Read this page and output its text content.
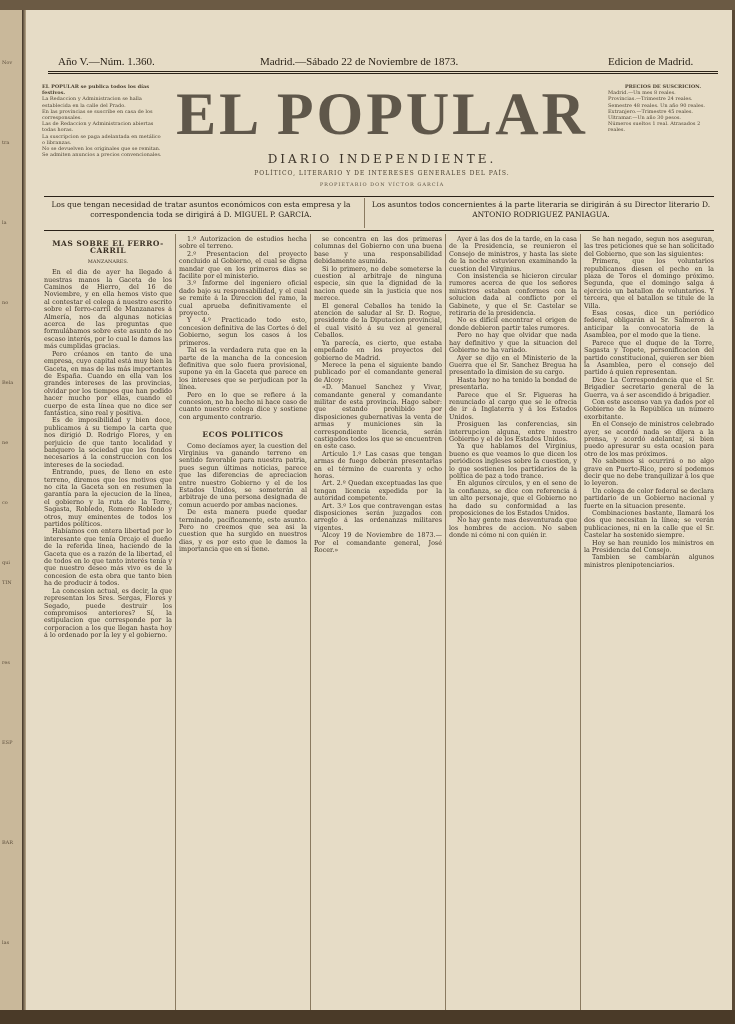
Nov
tra
la
no
Bela
ne
co
qui
TIN
res
ESP
BAR
las
Año V.—Núm. 1.360.	Madrid.—Sábado 22 de Noviembre de 1873.	Edicion de Madrid.
EL POPULAR se publica todos los días festivos.
La Redaccion y Administracion se halla establecida en la calle del Prado.
En las provincias se suscribe en casa de los corresponsales.
Las de Redaccion y Administracion abiertas todas horas.
La suscripcion se paga adelantada en metálico o libranzas.
No se devuelven los originales que se remitan.
Se admiten anuncios a precios convencionales.
PRECIOS DE SUSCRICION.
Madrid.—Un mes 8 reales.
Provincias.—Trimestre 24 reales.
Semestre 48 reales. Un año 90 reales.
Extranjero.—Trimestre 45 reales.
Ultramar.—Un año 30 pesos.
Números sueltos 1 real. Atrasados 2 reales.
EL POPULAR
DIARIO INDEPENDIENTE.
POLÍTICO, LITERARIO Y DE INTERESES GENERALES DEL PAÍS.
PROPIETARIO DON VÍCTOR GARCÍA
Los que tengan necesidad de tratar asuntos económicos con esta empresa y la correspondencia toda se dirigirá á D. MIGUEL P. GARCIA.
Los asuntos todos concernientes á la parte literaria se dirigirán á su Director literario D. ANTONIO RODRIGUEZ PANIAGUA.

MAS SOBRE EL FERRO-CARRIL

MANZANARES.

En el dia de ayer ha llegado á nuestras manos la Gaceta de los Caminos de Hierro, del 16 de Noviembre, y en ella hemos visto que al contestar el colega á nuestro escrito sobre el ferro-carril de Manzanares á Almería, nos da algunas noticias acerca de las preguntas que formulábamos sobre este asunto de no escaso interés, por lo cual le damos las más cumplidas gracias.

Pero créanos en tanto de una empresa, cuyo capital está muy bien la Gaceta, en mas de las más importantes de España. Cuando en ella van los grandes intereses de las provincias, olvidar por los tiempos que han podido hacer mucho por ellas, cuando el cuerpo de esta línea que no dice ser fantástica, sino real y positiva.

Es de imposibilidad y bien doce, publicamos á su tiempo la carta que nos dirigió D. Rodrigo Flores, y en perjuicio de que tanto localidad y banquero la sociedad que los fondos necesarios á la construccion con los intereses de la sociedad.

Entrando, pues, de lleno en este terreno, diremos que los motivos que no cita la Gaceta son en resumen la garantía para la ejecucion de la línea, el gobierno y la ruta de la Torre, Sagasta, Robledo, Romero Robledo y otros, muy eminentes de todos los partidos políticos.

Habíamos con entera libertad por lo interesante que tenía Orcajo el dueño de la referida línea, haciendo de la Gaceta que es a razón de la libertad, el de todos en lo que tanto interés tenía y que nuestro deseo más vivo es de la concesion de esta obra que tanto bien ha de producir á todos.

La concesion actual, es decir, la que representan los Sres. Sergas, Flores y Segado, puede destruir los compromisos anteriores? Sí, la estipulacion que corresponde por la corporacion a los que llegan hasta hoy á lo ordenado por la ley y el gobierno.

1.º Autorizacion de estudios hecha sobre el terreno.

2.º Presentacion del proyecto concluido al Gobierno, el cual se digna mandar que en los primeros dias se facilite por el ministerio.

3.º Informe del ingeniero oficial dado bajo su responsabilidad, y el cual se remite á la Direccion del ramo, la cual aprueba definitivamente el proyecto.

Y 4.º Practicado todo esto, concesion definitiva de las Cortes ó del Gobierno, segun los casos á los primeros.

Tal es la verdadera ruta que en la parte de la mancha de la concesion definitiva que solo fuera provisional, supone ya en la Gaceta que parece en los intereses que se perjudican por la línea.

Pero en lo que se refiere á la concesion, no ha hecho ni hace caso de cuanto nuestro colega dice y sostiene con argumento contrario.

ECOS POLITICOS

Como decíamos ayer, la cuestion del Virginius va ganando terreno en sentido favorable para nuestra patria, pues segun últimas noticias, parece que las diferencias de apreciacion entre nuestro Gobierno y el de los Estados Unidos, se someterán al arbitraje de una persona designada de comun acuerdo por ambas naciones.

De esta manera puede quedar terminado, pacíficamente, este asunto. Pero no creemos que sea asi la cuestion que ha surgido en nuestros dias, y es por esto que le damos la importancia que en sí tiene.

se concentra en las dos primeras columnas del Gobierno con una buena base y una responsabilidad debidamente asumida.

Si lo primero, no debe someterse la cuestion al arbitraje de ninguna especie, sin que la dignidad de la nacion quede sin la justicia que nos merece.

El general Ceballos ha tenido la atencion de saludar al Sr. D. Rogue, presidente de la Diputacion provincial, el cual visitó á su vez al general Ceballos.

Ya parecía, es cierto, que estaba empeñado en los proyectos del gobierno de Madrid.

Merece la pena el siguiente bando publicado por el comandante general de Alcoy:

«D. Manuel Sanchez y Vivar, comandante general y comandante militar de esta provincia. Hago saber: que estando prohibido por disposiciones gubernativas la venta de armas y municiones sin la correspondiente licencia, serán castigados todos los que se encuentren en este caso.

Artículo 1.º Las casas que tengan armas de fuego deberán presentarlas en el término de cuarenta y ocho horas.

Art. 2.º Quedan exceptuadas las que tengan licencia expedida por la autoridad competente.

Art. 3.º Los que contravengan estas disposiciones serán juzgados con arreglo á las ordenanzas militares vigentes.

Alcoy 19 de Noviembre de 1873.—Por el comandante general, José Rocer.»

Ayer á las dos de la tarde, en la casa de la Presidencia, se reunieron el Consejo de ministros, y hasta las siete de la noche estuvieron examinando la cuestion del Virginius.

Con insistencia se hicieron circular rumores acerca de que los señores ministros estaban conformes con la solucion dada al conflicto por el Gabinete, y que el Sr. Castelar se retiraria de la presidencia.

No es difícil encontrar el origen de donde debieron partir tales rumores.

Pero no hay que olvidar que nada hay definitivo y que la situacion del Gobierno no ha variado.

Ayer se dijo en el Ministerio de la Guerra que el Sr. Sanchez Bregua ha presentado la dimision de su cargo.

Hasta hoy no ha tenido la bondad de presentarla.

Parece que el Sr. Figueras ha renunciado al cargo que se le ofrecia de ir á Inglaterra y á los Estados Unidos.

Prosiguen las conferencias, sin interrupcion alguna, entre nuestro Gobierno y el de los Estados Unidos.

Ya que hablamos del Virginius, bueno es que veamos lo que dicen los periódicos ingleses sobre la cuestion, y lo que sostienen los partidarios de la política de paz a todo trance.

En algunos círculos, y en el seno de la confianza, se dice con referencia á un alto personaje, que el Gobierno no ha dado su conformidad a las proposiciones de los Estados Unidos.

No hay gente mas desventurada que los hombres de accion. No saben donde ni cómo ni con quién ir.

Se han negado, segun nos aseguran, las tres peticiones que se han solicitado del Gobierno, que son las siguientes:

Primera, que los voluntarios republicanos diesen el pecho en la plaza de Toros el domingo próximo. Segunda, que el domingo salga á ejercicio un batallon de voluntarios. Y tercera, que el batallon se titule de la Villa.

Esas cosas, dice un periódico federal, obligarán al Sr. Salmeron á anticipar la convocatoria de la Asamblea, por el modo que la tiene.

Parece que el duque de la Torre, Sagasta y Topete, personificacion del partido constitucional, quieren ser bien la Asamblea, pero el consejo del partido á quien representan.

Dice La Correspondencia que el Sr. Brigadier secretario general de la Guerra, va á ser ascendido á brigadier.

Con este ascenso van ya dados por el Gobierno de la República un número exorbitante.

En el Consejo de ministros celebrado ayer, se acordó nada se dijera a la prensa, y acordó adelantar, si bien puedo apresurar su esta ocasion para otro de los mas próximos.

No sabemos si ocurrirá o no algo grave en Puerto-Rico, pero sí podemos decir que no debe tranquilizar á los que lo leyeron.

Un colega de color federal se declara partidario de un Gobierno nacional y fuerte en la situacion presente.

Combinaciones bastante, llamará los dos que necesitan la línea; se verán publicaciones, ni en la calle que el Sr. Castelar ha sostenido siempre.

Hoy se han reunido los ministros en la Presidencia del Consejo.

Tambien se cambiarán algunos ministros plenipotenciarios.
